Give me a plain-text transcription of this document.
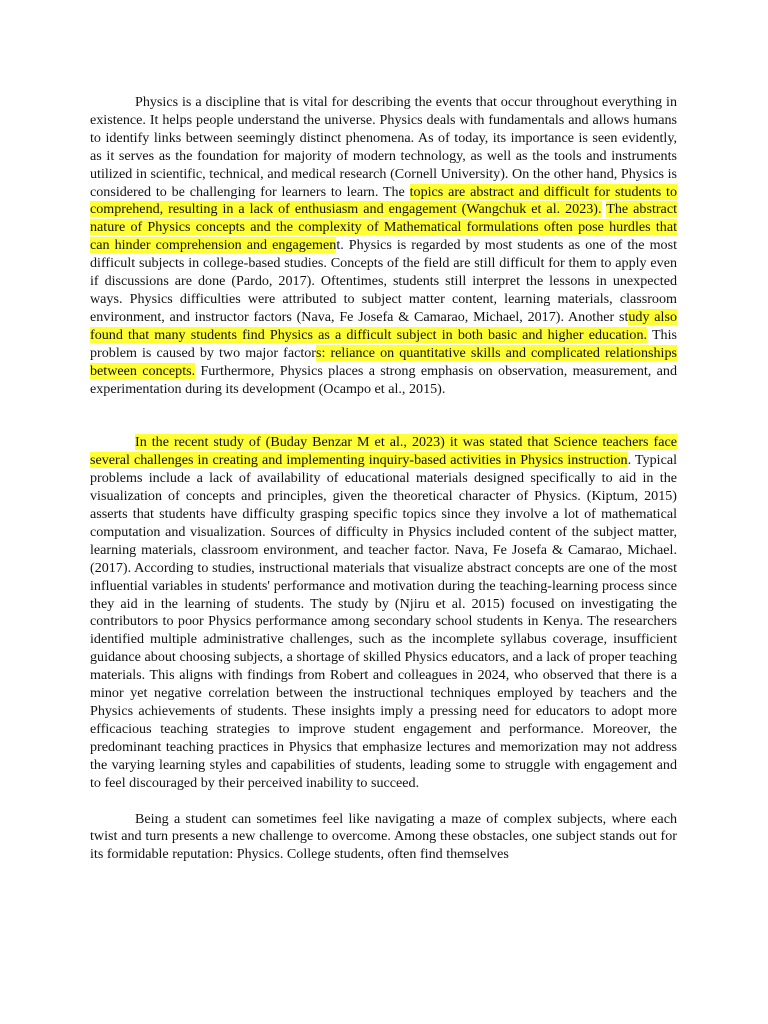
Physics is a discipline that is vital for describing the events that occur throughout everything in existence. It helps people understand the universe. Physics deals with fundamentals and allows humans to identify links between seemingly distinct phenomena. As of today, its importance is seen evidently, as it serves as the foundation for majority of modern technology, as well as the tools and instruments utilized in scientific, technical, and medical research (Cornell University). On the other hand, Physics is considered to be challenging for learners to learn. The topics are abstract and difficult for students to comprehend, resulting in a lack of enthusiasm and engagement (Wangchuk et al. 2023). The abstract nature of Physics concepts and the complexity of Mathematical formulations often pose hurdles that can hinder comprehension and engagement. Physics is regarded by most students as one of the most difficult subjects in college-based studies. Concepts of the field are still difficult for them to apply even if discussions are done (Pardo, 2017). Oftentimes, students still interpret the lessons in unexpected ways. Physics difficulties were attributed to subject matter content, learning materials, classroom environment, and instructor factors (Nava, Fe Josefa & Camarao, Michael, 2017). Another study also found that many students find Physics as a difficult subject in both basic and higher education. This problem is caused by two major factors: reliance on quantitative skills and complicated relationships between concepts. Furthermore, Physics places a strong emphasis on observation, measurement, and experimentation during its development (Ocampo et al., 2015).

In the recent study of (Buday Benzar M et al., 2023) it was stated that Science teachers face several challenges in creating and implementing inquiry-based activities in Physics instruction. Typical problems include a lack of availability of educational materials designed specifically to aid in the visualization of concepts and principles, given the theoretical character of Physics. (Kiptum, 2015) asserts that students have difficulty grasping specific topics since they involve a lot of mathematical computation and visualization. Sources of difficulty in Physics included content of the subject matter, learning materials, classroom environment, and teacher factor. Nava, Fe Josefa & Camarao, Michael. (2017). According to studies, instructional materials that visualize abstract concepts are one of the most influential variables in students' performance and motivation during the teaching-learning process since they aid in the learning of students. The study by (Njiru et al. 2015) focused on investigating the contributors to poor Physics performance among secondary school students in Kenya. The researchers identified multiple administrative challenges, such as the incomplete syllabus coverage, insufficient guidance about choosing subjects, a shortage of skilled Physics educators, and a lack of proper teaching materials. This aligns with findings from Robert and colleagues in 2024, who observed that there is a minor yet negative correlation between the instructional techniques employed by teachers and the Physics achievements of students. These insights imply a pressing need for educators to adopt more efficacious teaching strategies to improve student engagement and performance. Moreover, the predominant teaching practices in Physics that emphasize lectures and memorization may not address the varying learning styles and capabilities of students, leading some to struggle with engagement and to feel discouraged by their perceived inability to succeed.

Being a student can sometimes feel like navigating a maze of complex subjects, where each twist and turn presents a new challenge to overcome. Among these obstacles, one subject stands out for its formidable reputation: Physics. College students, often find themselves
